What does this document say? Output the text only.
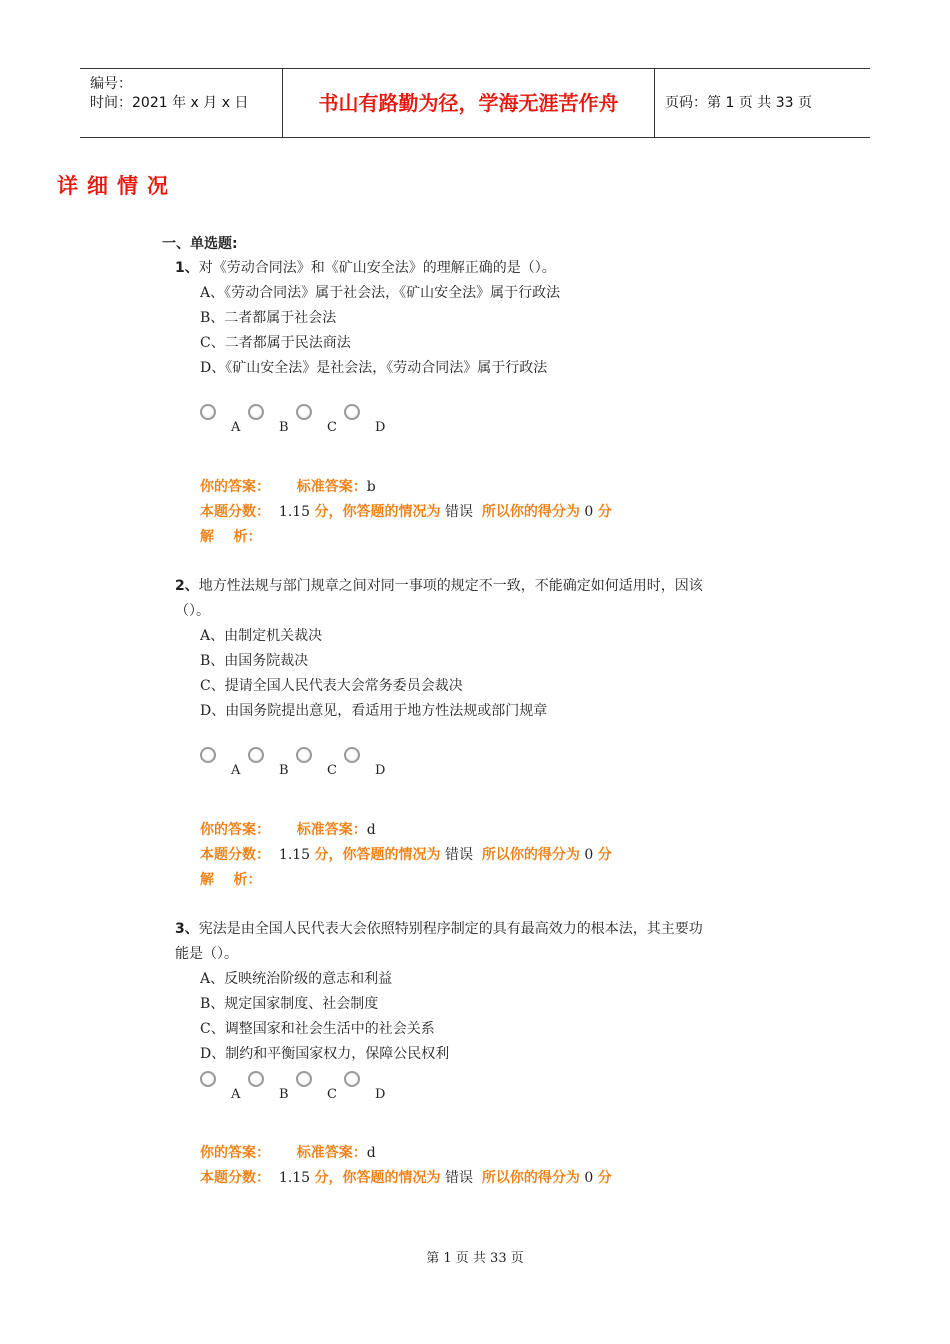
编号：
时间：2021 年 x 月 x 日	书山有路勤为径，学海无涯苦作舟	页码：第 1 页 共 33 页
详细情况
一、单选题:
1、对《劳动合同法》和《矿山安全法》的理解正确的是（）。
A、《劳动合同法》属于社会法，《矿山安全法》属于行政法
B、二者都属于社会法
C、二者都属于民法商法
D、《矿山安全法》是社会法，《劳动合同法》属于行政法
A	B	C	D
你的答案： 标准答案：b
本题分数： 1.15 分，你答题的情况为 错误 所以你的得分为 0 分
解    析：
2、地方性法规与部门规章之间对同一事项的规定不一致，不能确定如何适用时，因该
（）。
A、由制定机关裁决
B、由国务院裁决
C、提请全国人民代表大会常务委员会裁决
D、由国务院提出意见，看适用于地方性法规或部门规章
A	B	C	D
你的答案： 标准答案：d
本题分数： 1.15 分，你答题的情况为 错误 所以你的得分为 0 分
解    析：
3、宪法是由全国人民代表大会依照特别程序制定的具有最高效力的根本法，其主要功
能是（）。
A、反映统治阶级的意志和利益
B、规定国家制度、社会制度
C、调整国家和社会生活中的社会关系
D、制约和平衡国家权力，保障公民权利
A	B	C	D
你的答案： 标准答案：d
本题分数： 1.15 分，你答题的情况为 错误 所以你的得分为 0 分
第 1 页 共 33 页
